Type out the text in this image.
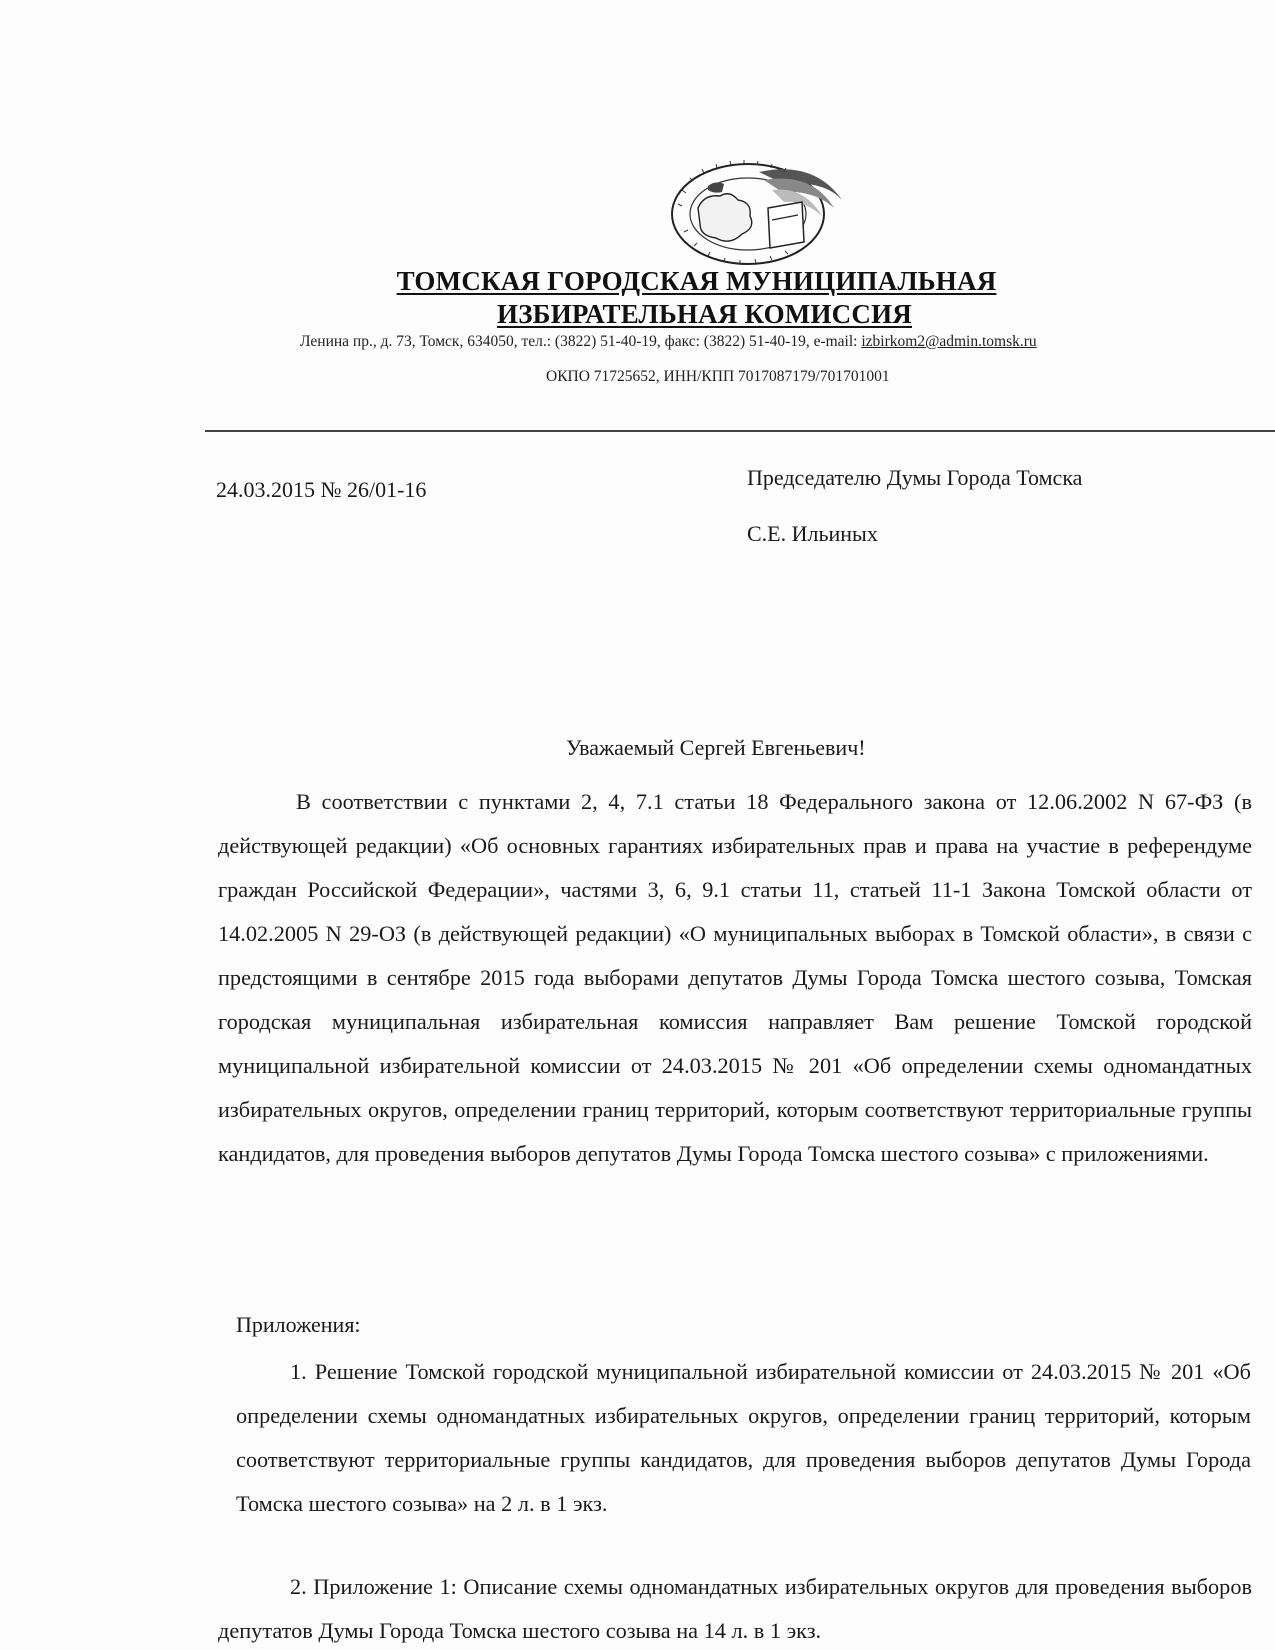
ТОМСКАЯ ГОРОДСКАЯ МУНИЦИПАЛЬНАЯ
ИЗБИРАТЕЛЬНАЯ КОМИССИЯ
Ленина пр., д. 73, Томск, 634050, тел.: (3822) 51-40-19, факс: (3822) 51-40-19, e-mail: izbirkom2@admin.tomsk.ru
ОКПО 71725652, ИНН/КПП 7017087179/701701001
24.03.2015 № 26/01-16	Председателю Думы Города Томска
С.Е. Ильиных
Уважаемый Сергей Евгеньевич!
В соответствии с пунктами 2, 4, 7.1 статьи 18 Федерального закона от 12.06.2002 N 67-ФЗ (в действующей редакции) «Об основных гарантиях избирательных прав и права на участие в референдуме граждан Российской Федерации», частями 3, 6, 9.1 статьи 11, статьей 11-1 Закона Томской области от 14.02.2005 N 29-ОЗ (в действующей редакции) «О муниципальных выборах в Томской области», в связи с предстоящими в сентябре 2015 года выборами депутатов Думы Города Томска шестого созыва, Томская городская муниципальная избирательная комиссия направляет Вам решение Томской городской муниципальной избирательной комиссии от 24.03.2015 № 201 «Об определении схемы одномандатных избирательных округов, определении границ территорий, которым соответствуют территориальные группы кандидатов, для проведения выборов депутатов Думы Города Томска шестого созыва» с приложениями.
Приложения:
1. Решение Томской городской муниципальной избирательной комиссии от 24.03.2015 № 201 «Об определении схемы одномандатных избирательных округов, определении границ территорий, которым соответствуют территориальные группы кандидатов, для проведения выборов депутатов Думы Города Томска шестого созыва» на 2 л. в 1 экз.
2. Приложение 1: Описание схемы одномандатных избирательных округов для проведения выборов депутатов Думы Города Томска шестого созыва на 14 л. в 1 экз.
